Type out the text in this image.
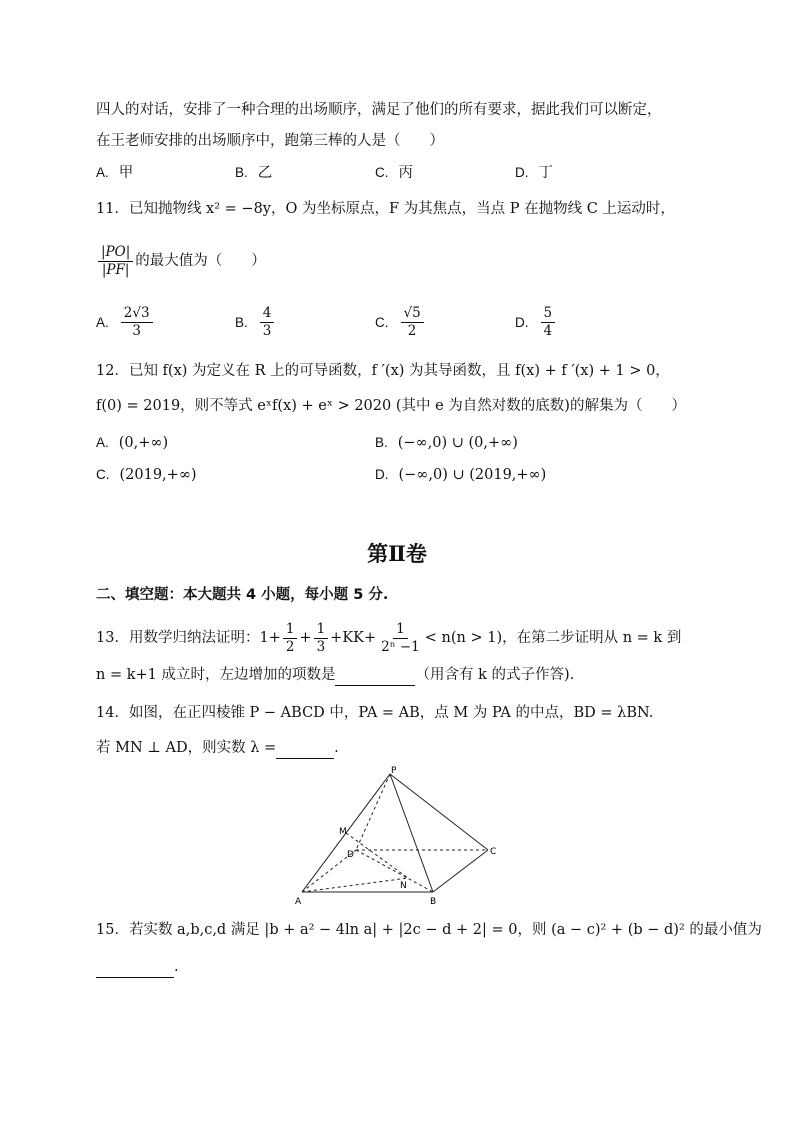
四人的对话，安排了一种合理的出场顺序，满足了他们的所有要求，据此我们可以断定，
在王老师安排的出场顺序中，跑第三棒的人是（　　）
A. 甲	B. 乙	C. 丙	D. 丁
11．已知抛物线 x² = −8y，O 为坐标原点，F 为其焦点，当点 P 在抛物线 C 上运动时，
$\frac{|PO|}{|PF|}$ 的最大值为（　　）
A. $\frac{2√3}{3}$	B. $\frac{4}{3}$	C. $\frac{√5}{2}$	D. $\frac{5}{4}$
12．已知 f(x) 为定义在 R 上的可导函数，f ′(x) 为其导函数，且 f(x) + f ′(x) + 1 > 0，
f(0) = 2019，则不等式 eˣf(x) + eˣ > 2020 (其中 e 为自然对数的底数)的解集为（　　）
A. (0,+∞)	B. (−∞,0) ∪ (0,+∞)
C. (2019,+∞)	D. (−∞,0) ∪ (2019,+∞)
第Ⅱ卷
二、填空题：本大题共 4 小题，每小题 5 分.
13．用数学归纳法证明：$1+ \frac{1}{2} + \frac{1}{3} +KK+ \frac{1}{\text{2ⁿ −1}} < n(n > 1)$，在第二步证明从 n = k 到
n = k+1 成立时，左边增加的项数是	（用含有 k 的式子作答).
14．如图，在正四棱锥 P − ABCD 中，PA = AB，点 M 为 PA 的中点，BD = λBN.
若 MN ⊥ AD，则实数 λ =	.
P
M
D	C
N
A	B
15．若实数 a,b,c,d 满足 |b + a² − 4ln a| + |2c − d + 2| = 0，则 (a − c)² + (b − d)² 的最小值为
.
